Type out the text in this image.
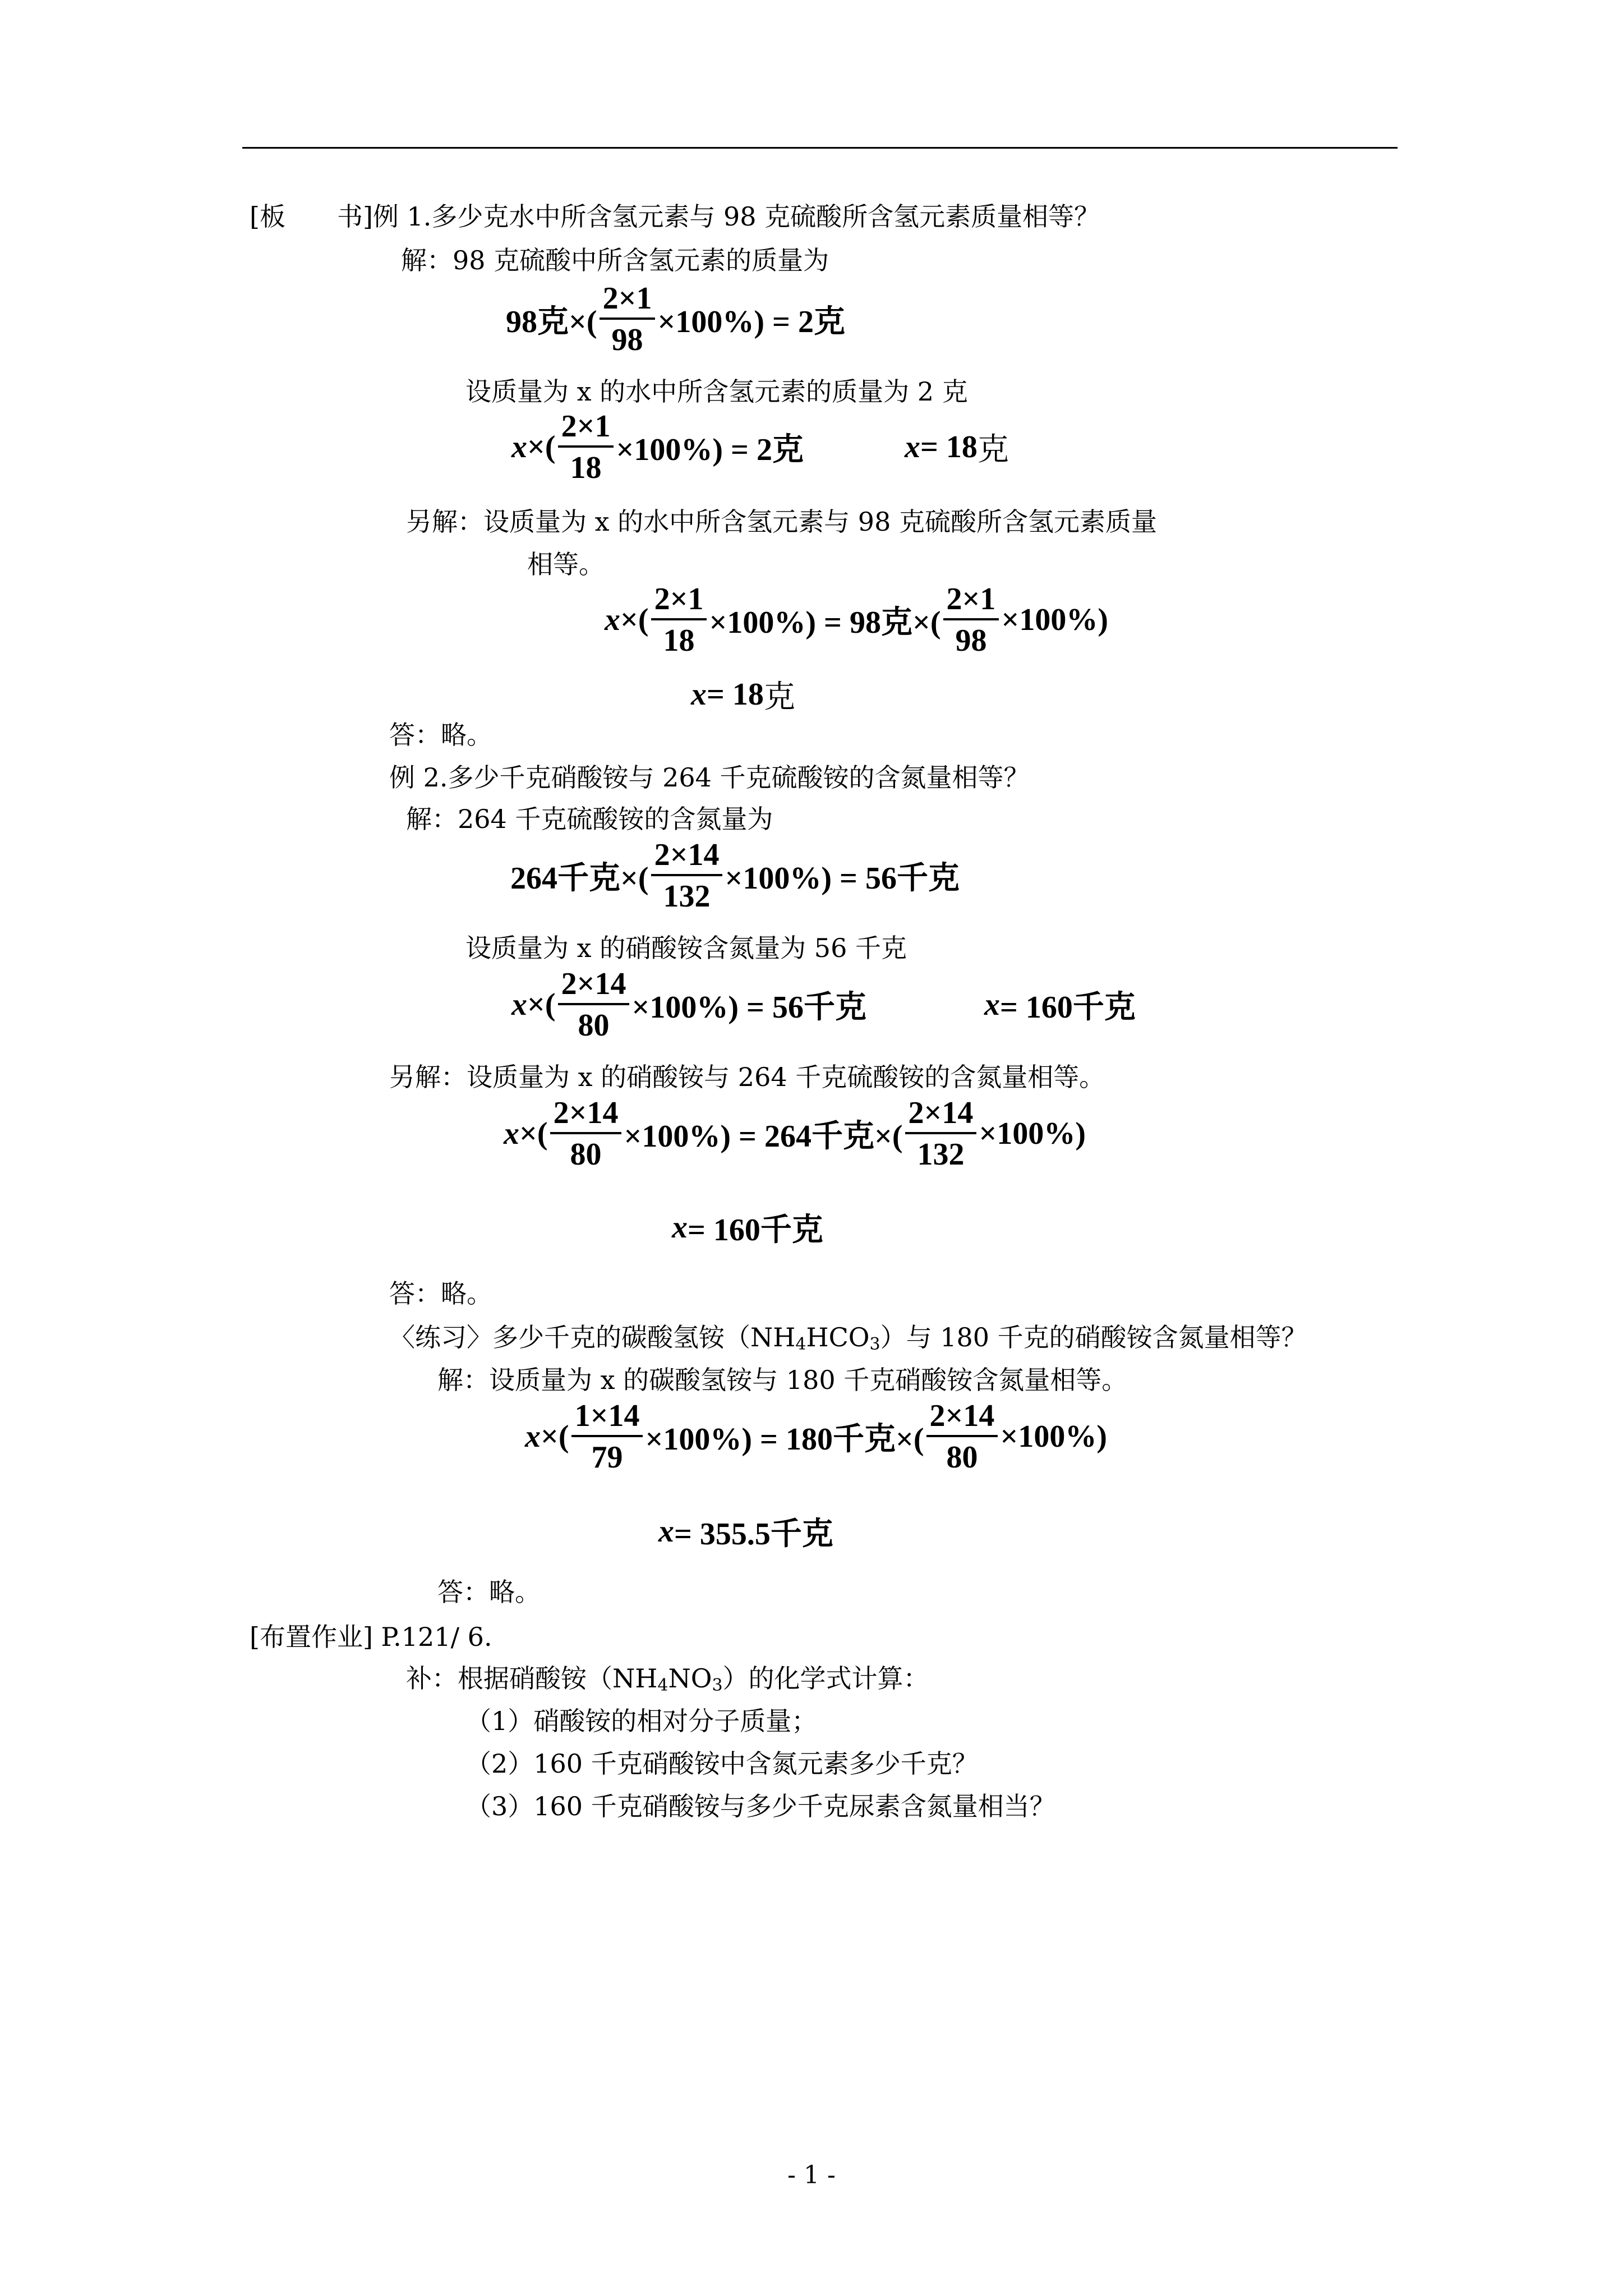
[板　　书]例 1.多少克水中所含氢元素与 98 克硫酸所含氢元素质量相等？
解：98 克硫酸中所含氢元素的质量为
98克×( $\frac{2\times 1}{98} \times 100\%) = 2$克
设质量为 x 的水中所含氢元素的质量为 2 克
x ×( $\frac{2\times 1}{18} \times 100\%) = 2$克	x = 18 克
另解：设质量为 x 的水中所含氢元素与 98 克硫酸所含氢元素质量
相等。
x ×( $\frac{2\times 1}{18} \times 100\%) = 98$克×( $\frac{2\times 1}{98} \times 100\%$)
x = 18 克
答：略。
例 2.多少千克硝酸铵与 264 千克硫酸铵的含氮量相等？
解：264 千克硫酸铵的含氮量为
264千克×( $\frac{2\times 14}{132} \times 100\%) = 56$千克
设质量为 x 的硝酸铵含氮量为 56 千克
x ×( $\frac{2\times 14}{80} \times 100\%) = 56$千克	x = 160千克
另解：设质量为 x 的硝酸铵与 264 千克硫酸铵的含氮量相等。
x ×( $\frac{2\times 14}{80} \times 100\%) = 264$千克×( $\frac{2\times 14}{132} \times 100\%$)
x = 160千克
答：略。
〈练习〉多少千克的碳酸氢铵$(NH_4HCO_3)$与 180 千克的硝酸铵含氮量相等？
解：设质量为 x 的碳酸氢铵与 180 千克硝酸铵含氮量相等。
x ×( $\frac{1\times 14}{79} \times 100\%) = 180$千克×( $\frac{2\times 14}{80} \times 100\%$)
x = 355.5千克
答：略。
[布置作业] P.121/ 6.
补：根据硝酸铵$(NH_4NO_3)$的化学式计算：
（1）硝酸铵的相对分子质量；
（2）160 千克硝酸铵中含氮元素多少千克？
（3）160 千克硝酸铵与多少千克尿素含氮量相当？
- 1 -
